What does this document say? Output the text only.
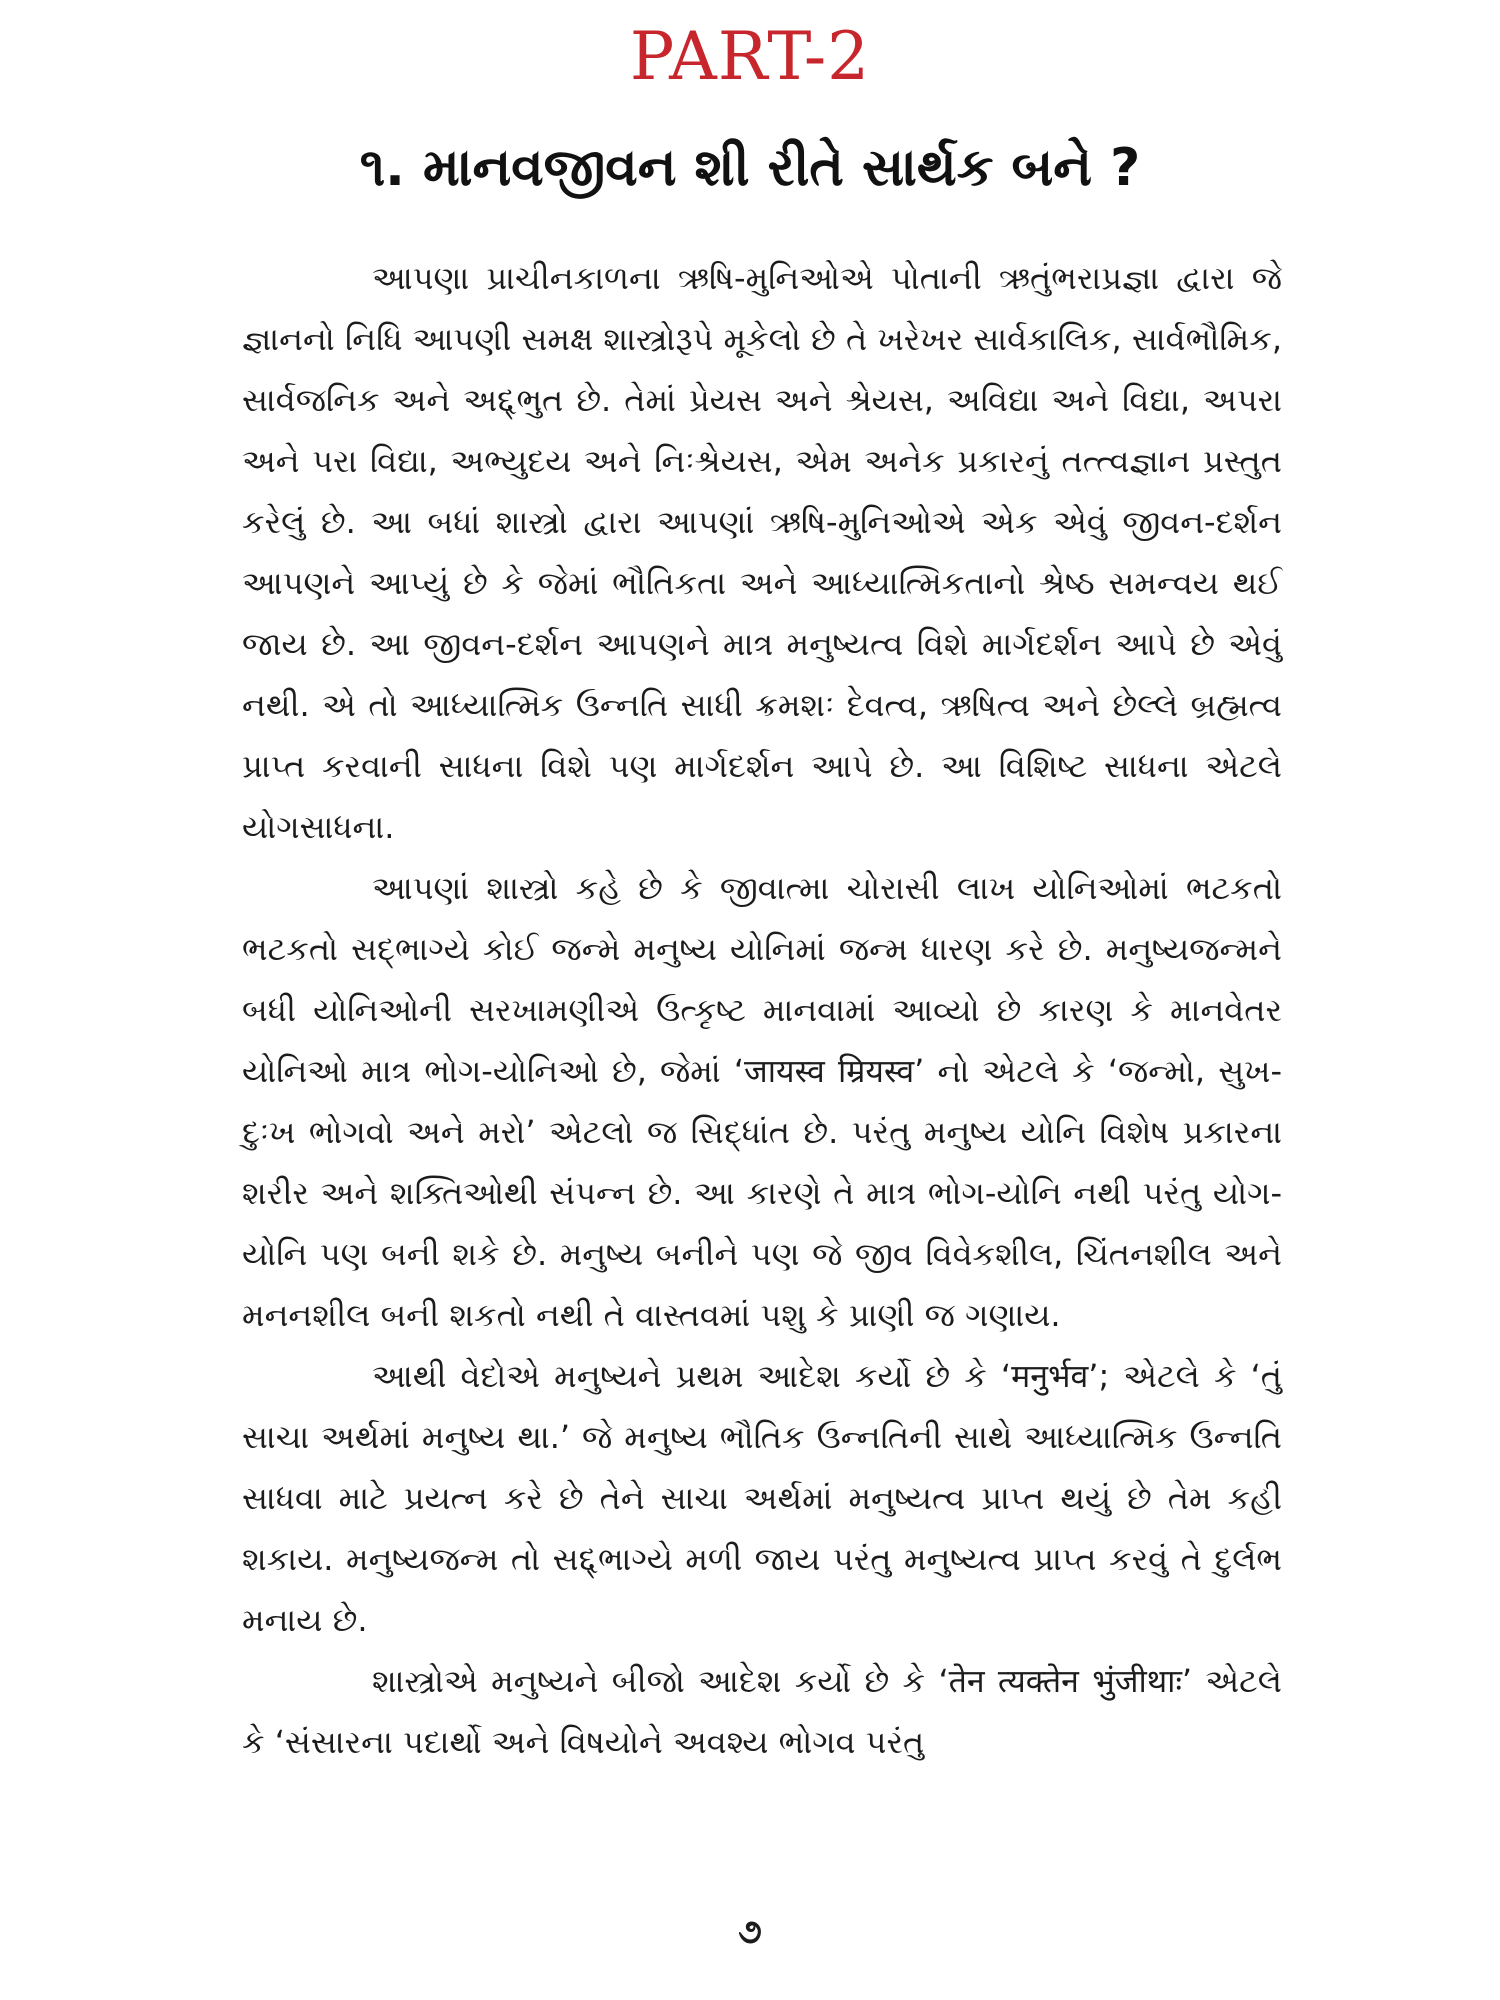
PART-2
૧. માનવજીવન શી રીતે સાર્થક બને ?

આપણા પ્રાચીનકાળના ઋષિ-મુનિઓએ પોતાની ઋતુંભરાપ્રજ્ઞા દ્વારા જે જ્ઞાનનો નિધિ આપણી સમક્ષ શાસ્ત્રોરૂપે મૂકેલો છે તે ખરેખર સાર્વકાલિક, સાર્વભૌમિક, સાર્વજનિક અને અદ્દ્ભુત છે. તેમાં પ્રેયસ અને શ્રેયસ, અવિદ્યા અને વિદ્યા, અપરા અને પરા વિદ્યા, અભ્યુદય અને નિઃશ્રેયસ, એમ અનેક પ્રકારનું તત્ત્વજ્ઞાન પ્રસ્તુત કરેલું છે. આ બધાં શાસ્ત્રો દ્વારા આપણાં ઋષિ-મુનિઓએ એક એવું જીવન-દર્શન આપણને આપ્યું છે કે જેમાં ભૌતિકતા અને આધ્યાત્મિકતાનો શ્રેષ્ઠ સમન્વય થઈ જાય છે. આ જીવન-દર્શન આપણને માત્ર મનુષ્યત્વ વિશે માર્ગદર્શન આપે છે એવું નથી. એ તો આધ્યાત્મિક ઉન્નતિ સાધી ક્રમશઃ દેવત્વ, ઋષિત્વ અને છેલ્લે બ્રહ્મત્વ પ્રાપ્ત કરવાની સાધના વિશે પણ માર્ગદર્શન આપે છે. આ વિશિષ્ટ સાધના એટલે યોગસાધના.

આપણાં શાસ્ત્રો કહે છે કે જીવાત્મા ચોરાસી લાખ યોનિઓમાં ભટકતો ભટકતો સદ્ભાગ્યે કોઈ જન્મે મનુષ્ય યોનિમાં જન્મ ધારણ કરે છે. મનુષ્યજન્મને બધી યોનિઓની સરખામણીએ ઉત્કૃષ્ટ માનવામાં આવ્યો છે કારણ કે માનવેતર યોનિઓ માત્ર ભોગ-યોનિઓ છે, જેમાં ‘जायस्व म्रियस्व’ નો એટલે કે ‘જન્મો, સુખ-દુઃખ ભોગવો અને મરો’ એટલો જ સિદ્ધાંત છે. પરંતુ મનુષ્ય યોનિ વિશેષ પ્રકારના શરીર અને શક્તિઓથી સંપન્ન છે. આ કારણે તે માત્ર ભોગ-યોનિ નથી પરંતુ યોગ-યોનિ પણ બની શકે છે. મનુષ્ય બનીને પણ જે જીવ વિવેકશીલ, ચિંતનશીલ અને મનનશીલ બની શકતો નથી તે વાસ્તવમાં પશુ કે પ્રાણી જ ગણાય.

આથી વેદોએ મનુષ્યને પ્રથમ આદેશ કર્યો છે કે ‘मनुर्भव’; એટલે કે ‘તું સાચા અર્થમાં મનુષ્ય થા.’ જે મનુષ્ય ભૌતિક ઉન્નતિની સાથે આધ્યાત્મિક ઉન્નતિ સાધવા માટે પ્રયત્ન કરે છે તેને સાચા અર્થમાં મનુષ્યત્વ પ્રાપ્ત થયું છે તેમ કહી શકાય. મનુષ્યજન્મ તો સદ્દ્ભાગ્યે મળી જાય પરંતુ મનુષ્યત્વ પ્રાપ્ત કરવું તે દુર્લભ મનાય છે.

શાસ્ત્રોએ મનુષ્યને બીજો આદેશ કર્યો છે કે ‘तेन त्यक्तेन भुंजीथाः’ એટલે કે ‘સંસારના પદાર્થો અને વિષયોને અવશ્ય ભોગવ પરંતુ

૭
